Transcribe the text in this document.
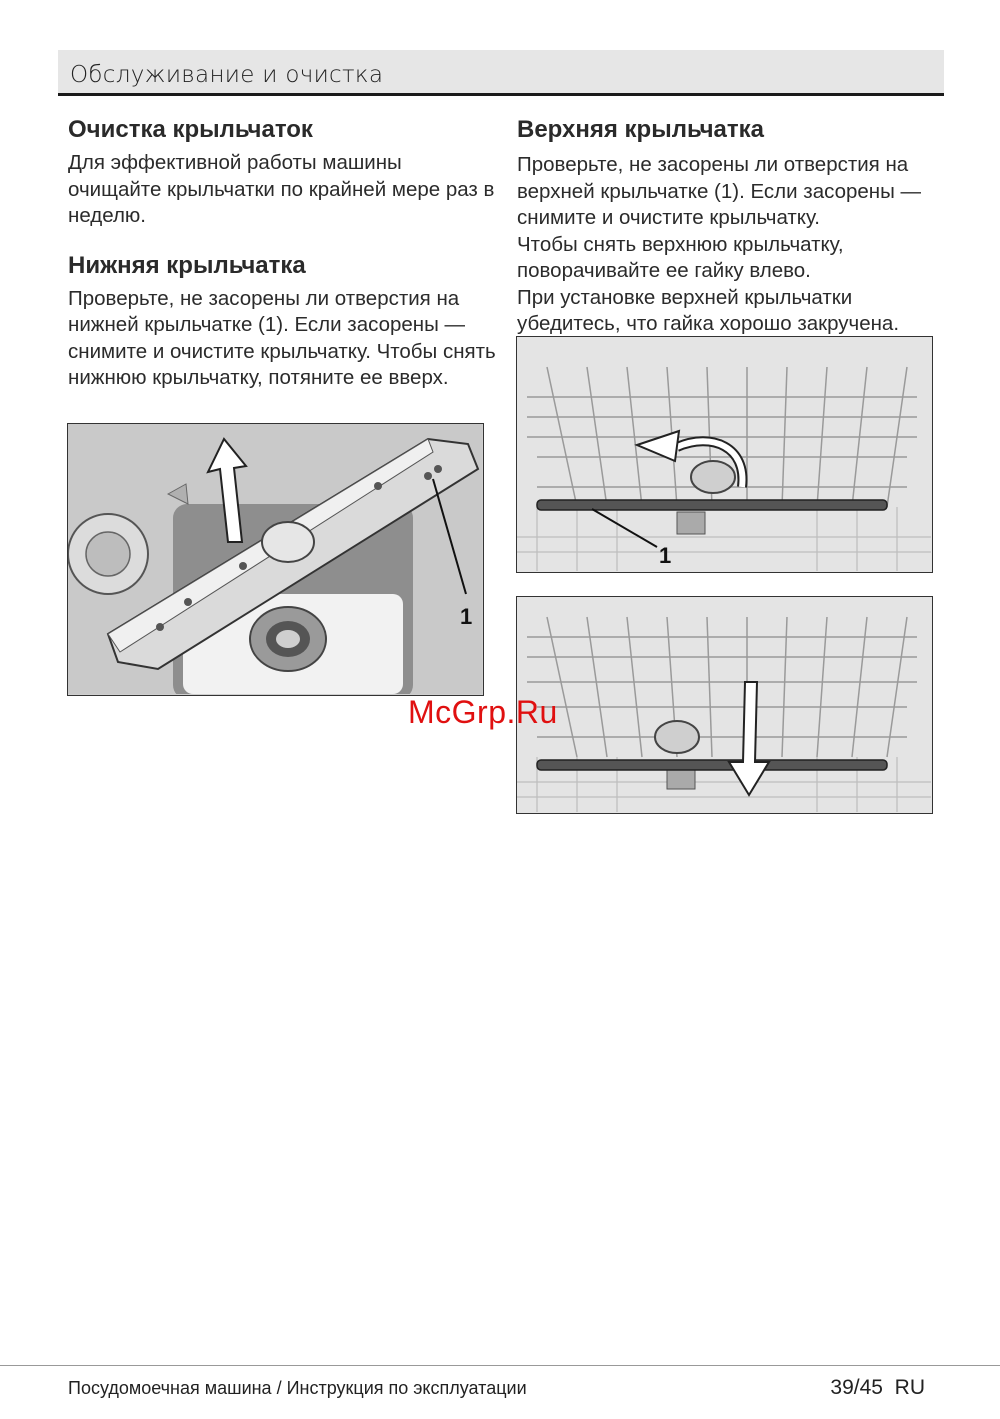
Обслуживание и очистка
Очистка крыльчаток

Для эффективной работы машины очищайте крыльчатки по крайней мере раз в неделю.

Нижняя крыльчатка

Проверьте, не засорены ли отверстия на нижней крыльчатке (1). Если засорены — снимите и очистите крыльчатку. Чтобы снять нижнюю крыльчатку, потяните ее вверх.

Верхняя крыльчатка

Проверьте, не засорены ли отверстия на верхней крыльчатке (1). Если засорены — снимите и очистите крыльчатку.

Чтобы снять верхнюю крыльчатку, поворачивайте ее гайку влево.

При установке верхней крыльчатки убедитесь, что гайка хорошо закручена.

1
1
McGrp.Ru
Посудомоечная машина / Инструкция по эксплуатации	39/45 RU
